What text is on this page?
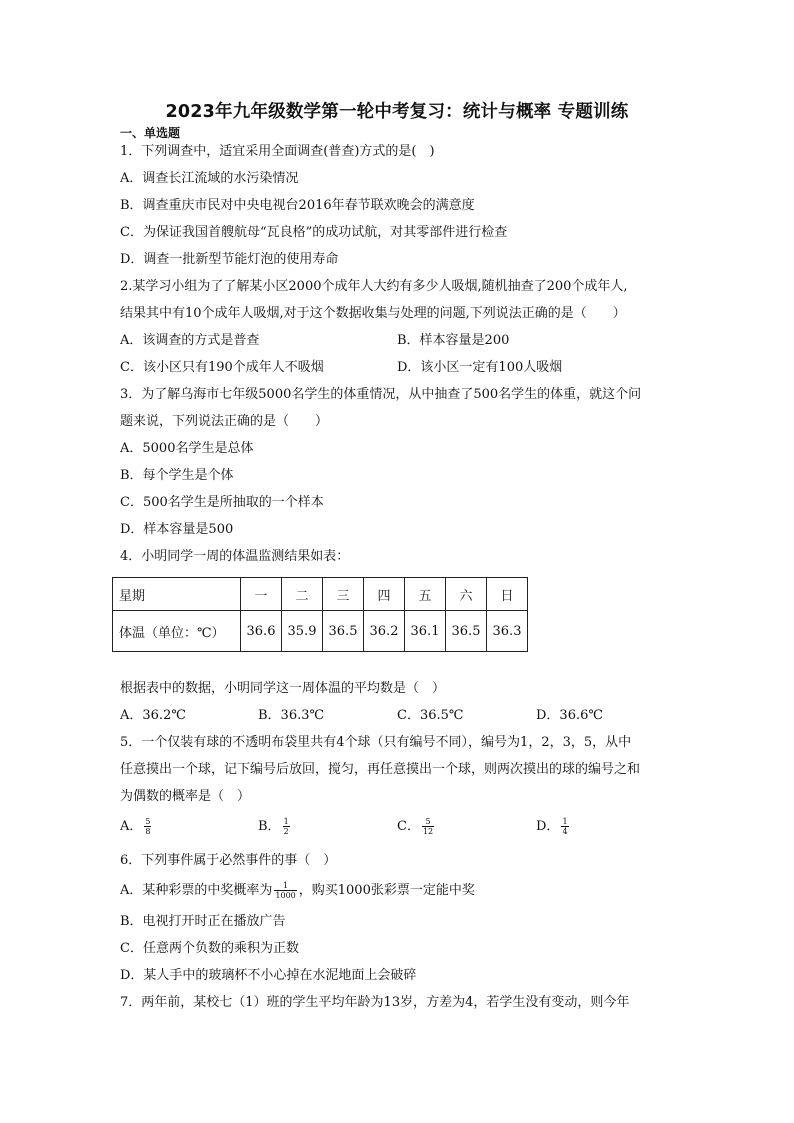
2023年九年级数学第一轮中考复习：统计与概率 专题训练
一、单选题
1．下列调查中，适宜采用全面调查(普查)方式的是(　)
A．调查长江流域的水污染情况
B．调查重庆市民对中央电视台2016年春节联欢晚会的满意度
C．为保证我国首艘航母“瓦良格”的成功试航，对其零部件进行检查
D．调查一批新型节能灯泡的使用寿命
2.某学习小组为了了解某小区2000个成年人大约有多少人吸烟,随机抽查了200个成年人,
结果其中有10个成年人吸烟,对于这个数据收集与处理的问题,下列说法正确的是（　　）
A．该调查的方式是普查	B．样本容量是200
C．该小区只有190个成年人不吸烟	D．该小区一定有100人吸烟
3．为了解乌海市七年级5000名学生的体重情况，从中抽查了500名学生的体重，就这个问
题来说，下列说法正确的是（　　）
A．5000名学生是总体
B．每个学生是个体
C．500名学生是所抽取的一个样本
D．样本容量是500
4．小明同学一周的体温监测结果如表：
星期	一	二	三	四	五	六	日
体温（单位：℃）	36.6	35.9	36.5	36.2	36.1	36.5	36.3
根据表中的数据，小明同学这一周体温的平均数是（　）
A．36.2℃	B．36.3℃	C．36.5℃	D．36.6℃
5．一个仅装有球的不透明布袋里共有4个球（只有编号不同），编号为1，2，3，5，从中
任意摸出一个球，记下编号后放回，搅匀，再任意摸出一个球，则两次摸出的球的编号之和
为偶数的概率是（　）
A． $\frac{5}{8}$	B． $\frac{1}{2}$	C． $\frac{5}{12}$	D． $\frac{1}{4}$
6．下列事件属于必然事件的事（　）
A．某种彩票的中奖概率为 $\frac{1}{1000}$ ，购买1000张彩票一定能中奖
B．电视打开时正在播放广告
C．任意两个负数的乘积为正数
D．某人手中的玻璃杯不小心掉在水泥地面上会破碎
7．两年前，某校七（1）班的学生平均年龄为13岁，方差为4，若学生没有变动，则今年
